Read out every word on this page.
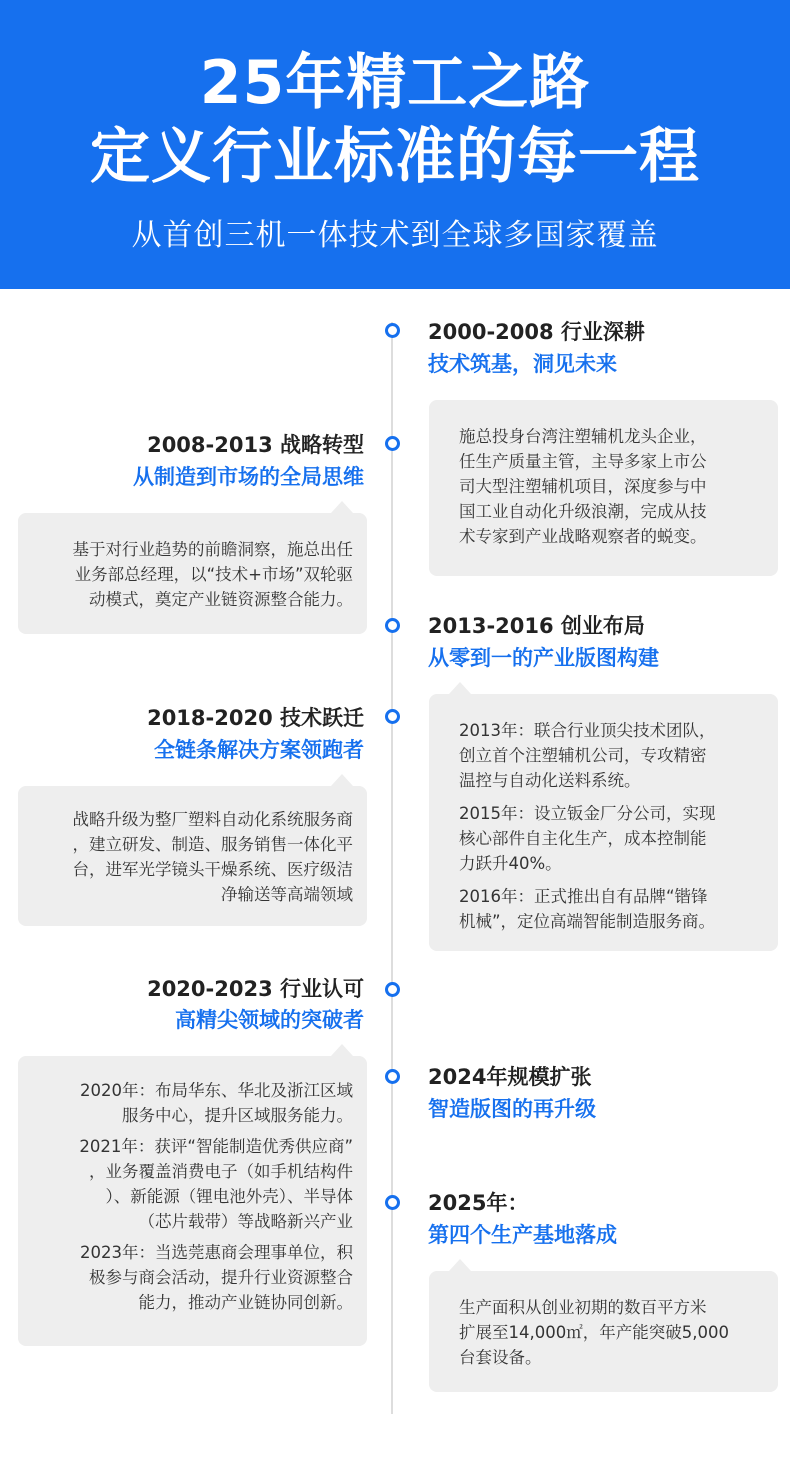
25年精工之路
定义行业标准的每一程
从首创三机一体技术到全球多国家覆盖
2000-2008 行业深耕
技术筑基，洞见未来
施总投身台湾注塑辅机龙头企业，
任生产质量主管，主导多家上市公
司大型注塑辅机项目，深度参与中
国工业自动化升级浪潮，完成从技
术专家到产业战略观察者的蜕变。
2008-2013 战略转型
从制造到市场的全局思维
基于对行业趋势的前瞻洞察，施总出任
业务部总经理，以“技术+市场”双轮驱
动模式，奠定产业链资源整合能力。
2013-2016 创业布局
从零到一的产业版图构建
2013年：联合行业顶尖技术团队，
创立首个注塑辅机公司，专攻精密
温控与自动化送料系统。
2015年：设立钣金厂分公司，实现
核心部件自主化生产，成本控制能
力跃升40%。
2016年：正式推出自有品牌“锴锋
机械”，定位高端智能制造服务商。
2018-2020 技术跃迁
全链条解决方案领跑者
战略升级为整厂塑料自动化系统服务商
，建立研发、制造、服务销售一体化平
台，进军光学镜头干燥系统、医疗级洁
净输送等高端领域
2020-2023 行业认可
高精尖领域的突破者
2020年：布局华东、华北及浙江区域
服务中心，提升区域服务能力。
2021年：获评“智能制造优秀供应商”
，业务覆盖消费电子（如手机结构件
）、新能源（锂电池外壳）、半导体
（芯片载带）等战略新兴产业
2023年：当选莞惠商会理事单位，积
极参与商会活动，提升行业资源整合
能力，推动产业链协同创新。
2024年规模扩张
智造版图的再升级
2025年：
第四个生产基地落成
生产面积从创业初期的数百平方米
扩展至14,000㎡，年产能突破5,000
台套设备。
